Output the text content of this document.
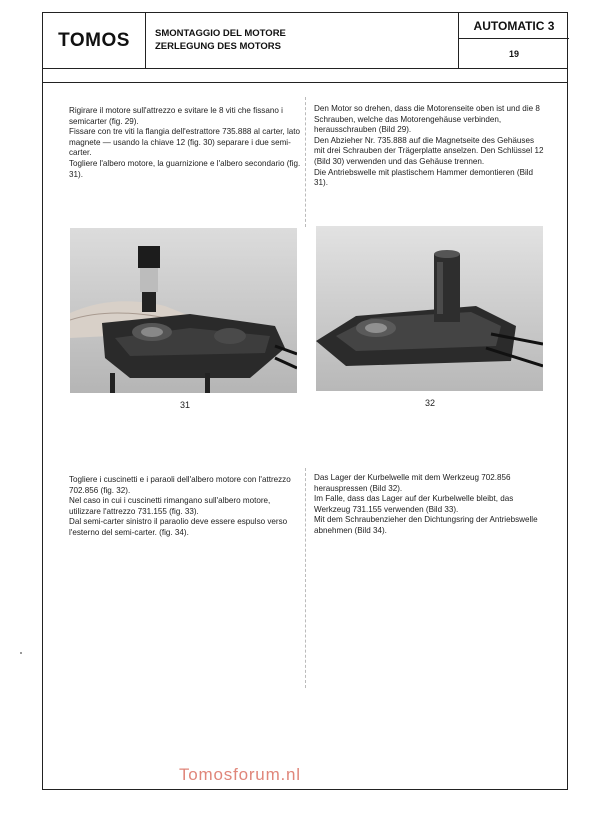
TOMOS	SMONTAGGIO DEL MOTORE
ZERLEGUNG DES MOTORS
AUTOMATIC 3
19

Rigirare il motore sull'attrezzo e svitare le 8 viti che fissano i semicarter (fig. 29).

Fissare con tre viti la flangia dell'estrattore 735.888 al carter, lato magnete — usando la chiave 12 (fig. 30) separare i due semi-carter.

Togliere l'albero motore, la guarnizione e l'albero secondario (fig. 31).

Den Motor so drehen, dass die Motorenseite oben ist und die 8 Schrauben, welche das Motorengehäuse verbinden, herausschrauben (Bild 29).

Den Abzieher Nr. 735.888 auf die Magnetseite des Gehäuses mit drei Schrauben der Trägerplatte anselzen. Den Schlüssel 12 (Bild 30) verwenden und das Gehäuse trennen.

Die Antriebswelle mit plastischem Hammer demontieren (Bild 31).

31	32

Togliere i cuscinetti e i paraoli dell'albero motore con l'attrezzo 702.856 (fig. 32).

Nel caso in cui i cuscinetti rimangano sull'albero motore, utilizzare l'attrezzo 731.155 (fig. 33).

Dal semi-carter sinistro il paraolio deve essere espulso verso l'esterno del semi-carter. (fig. 34).

Das Lager der Kurbelwelle mit dem Werkzeug 702.856 herauspressen (Bild 32).

Im Falle, dass das Lager auf der Kurbelwelle bleibt, das Werkzeug 731.155 verwenden (Bild 33).

Mit dem Schraubenzieher den Dichtungsring der Antriebswelle abnehmen (Bild 34).

Tomosforum.nl
